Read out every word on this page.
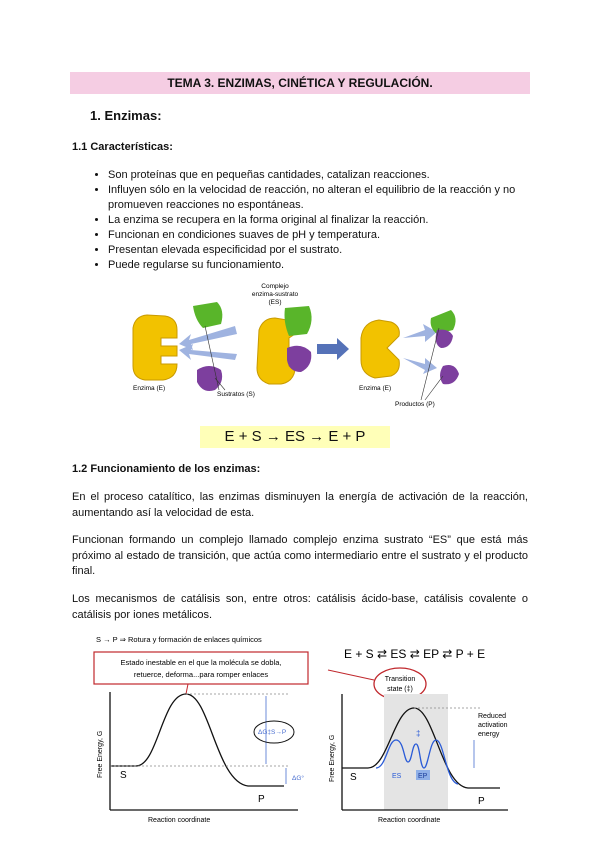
TEMA 3. ENZIMAS, CINÉTICA Y REGULACIÓN.
1. Enzimas:
1.1 Características:
• Son proteínas que en pequeñas cantidades, catalizan reacciones.
• Influyen sólo en la velocidad de reacción, no alteran el equilibrio de la reacción y no promueven reacciones no espontáneas.
• La enzima se recupera en la forma original al finalizar la reacción.
• Funcionan en condiciones suaves de pH y temperatura.
• Presentan elevada especificidad por el sustrato.
• Puede regularse su funcionamiento.
Complejo
enzima-sustrato
(ES)
Enzima (E)
Sustratos (S)
Enzima (E)
Productos (P)
E + S → ES → E + P
1.2 Funcionamiento de los enzimas:
En el proceso catalítico, las enzimas disminuyen la energía de activación de la reacción, aumentando así la velocidad de esta.
Funcionan formando un complejo llamado complejo enzima sustrato “ES” que está más próximo al estado de transición, que actúa como intermediario entre el sustrato y el producto final.
Los mecanismos de catálisis son, entre otros: catálisis ácido-base, catálisis covalente o catálisis por iones metálicos.
S → P ⇒ Rotura y formación de enlaces químicos
Estado inestable en el que la molécula se dobla,
retuerce, deforma...para romper enlaces
Free Energy, G
Reaction coordinate
ΔG‡S→P
ΔG°
S
P
E + S ⇄ ES ⇄ EP ⇄ P + E
Transition
state (‡)
Free Energy, G
Reaction coordinate
‡
Reduced
activation
energy
S	ES EP
P
